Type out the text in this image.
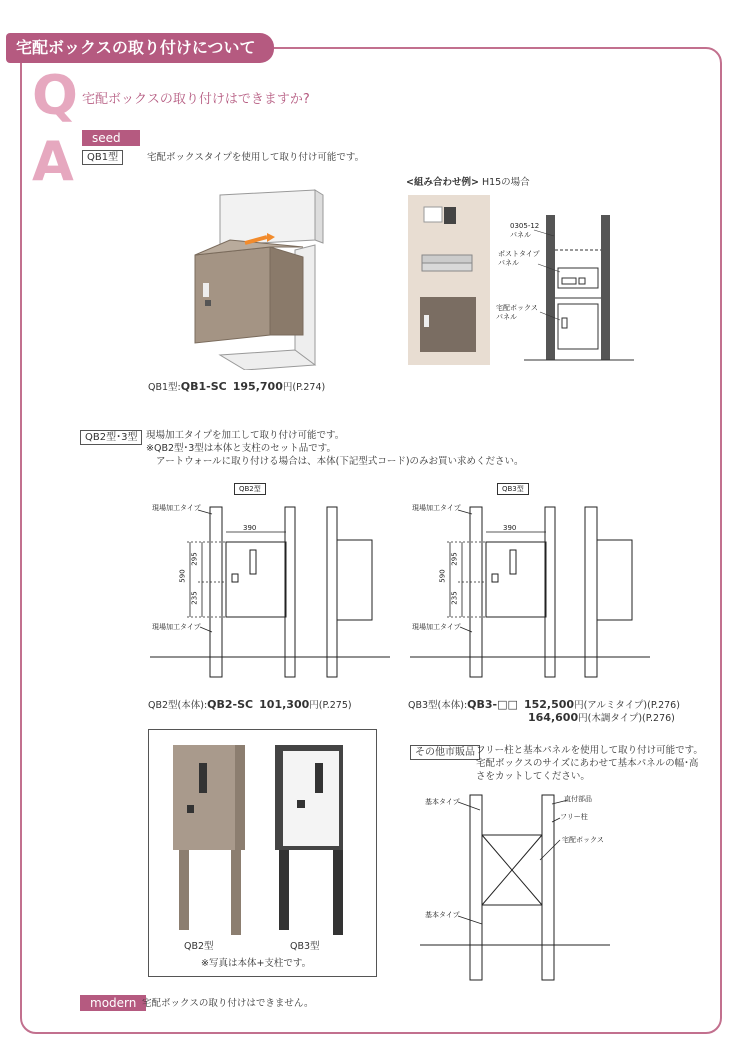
宅配ボックスの取り付けについて
Q 宅配ボックスの取り付けはできますか?
A	seed
QB1型	宅配ボックスタイプを使用して取り付け可能です。
QB1型:QB1-SC 195,700円(P.274)
<組み合わせ例> H15の場合
0305-12
パネル
ポストタイプ
パネル
宅配ボックス
パネル
QB2型･3型 現場加工タイプを加工して取り付け可能です。
※QB2型･3型は本体と支柱のセット品です。
アートウォールに取り付ける場合は、本体(下記型式コード)のみお買い求めください。
QB2型
現場加工タイプ
現場加工タイプ
390
590
295
235
QB3型
現場加工タイプ
現場加工タイプ
390
590
295
235
QB2型(本体):QB2-SC 101,300円(P.275)	QB3型(本体):QB3-□□ 152,500円(アルミタイプ)(P.276)
164,600円(木調タイプ)(P.276)
QB2型	QB3型
※写真は本体+支柱です。
その他市販品 フリー柱と基本パネルを使用して取り付け可能です。
宅配ボックスのサイズにあわせて基本パネルの幅･高
さをカットしてください。
基本タイプ	直付部品
フリー柱
宅配ボックス
基本タイプ
modern 宅配ボックスの取り付けはできません。
